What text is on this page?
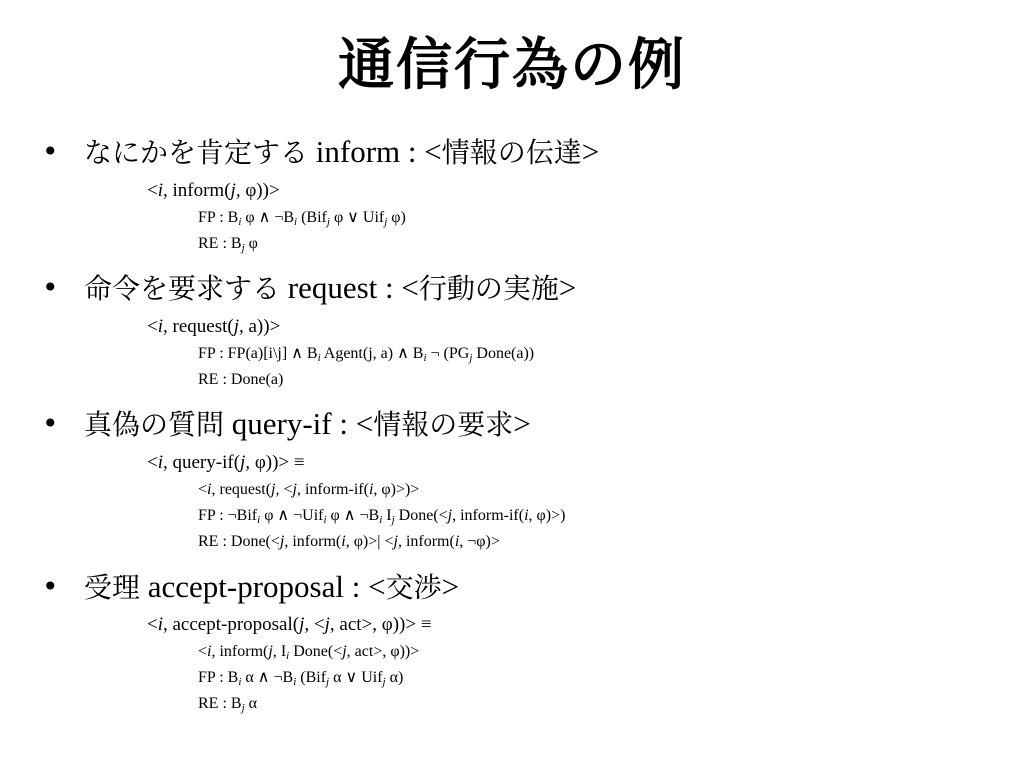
通信行為の例
• なにかを肯定する inform : <情報の伝達>
<i, inform(j, φ))>
FP : $B_i$ φ ∧ $\neg B_i$ (Bif$_j$ φ ∨ Uif$_j$ φ)
RE : $B_j$ φ
• 命令を要求する request : <行動の実施>
<i, request(j, a))>
FP : FP(a)[i\j] ∧ $B_i$ Agent(j, a) ∧ $B_i$ ¬ ($PG_j$ Done(a))
RE : Done(a)
• 真偽の質問 query-if : <情報の要求>
<i, query-if(j, φ))> ≡
<i, request(j, <j, inform-if(i, φ)>)>
FP : ¬Bif$_i$ φ ∧ ¬Uif$_i$ φ ∧ $\neg B_i$ $I_j$ Done(<j, inform-if(i, φ)>)
RE : Done(<j, inform(i, φ)>| <j, inform(i, ¬φ)>
• 受理 accept-proposal : <交渉>
<i, accept-proposal(j, <j, act>, φ))> ≡
<i, inform(j, $I_i$ Done(<j, act>, φ))>
FP : $B_i$ α ∧ $\neg B_i$ (Bif$_j$ α ∨ Uif$_j$ α)
RE : $B_j$ α
